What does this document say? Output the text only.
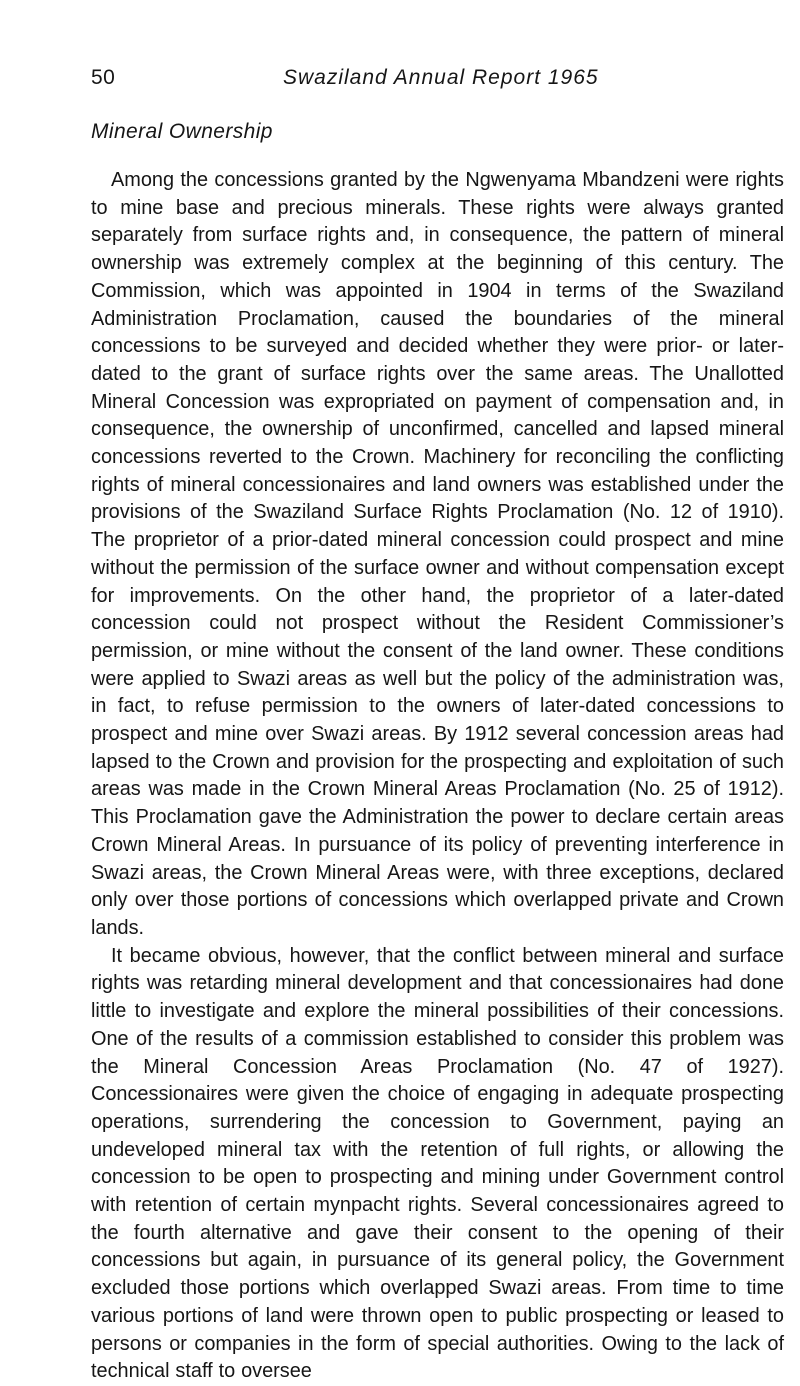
50	Swaziland Annual Report 1965
Mineral Ownership

Among the concessions granted by the Ngwenyama Mbandzeni were rights to mine base and precious minerals. These rights were always granted separately from surface rights and, in consequence, the pattern of mineral ownership was extremely complex at the beginning of this century. The Commission, which was appointed in 1904 in terms of the Swaziland Administration Proclamation, caused the boundaries of the mineral concessions to be surveyed and decided whether they were prior- or later-dated to the grant of surface rights over the same areas. The Unallotted Mineral Concession was expropriated on payment of compensation and, in consequence, the ownership of unconfirmed, cancelled and lapsed mineral concessions reverted to the Crown. Machinery for reconciling the conflicting rights of mineral concessionaires and land owners was established under the provisions of the Swaziland Surface Rights Proclamation (No. 12 of 1910). The proprietor of a prior-dated mineral concession could prospect and mine without the permission of the surface owner and without compensation except for improvements. On the other hand, the proprietor of a later-dated concession could not prospect without the Resident Commissioner’s permission, or mine without the consent of the land owner. These conditions were applied to Swazi areas as well but the policy of the administration was, in fact, to refuse permission to the owners of later-dated concessions to prospect and mine over Swazi areas. By 1912 several concession areas had lapsed to the Crown and provision for the prospecting and exploitation of such areas was made in the Crown Mineral Areas Proclamation (No. 25 of 1912). This Proclamation gave the Administration the power to declare certain areas Crown Mineral Areas. In pursuance of its policy of preventing interference in Swazi areas, the Crown Mineral Areas were, with three exceptions, declared only over those portions of concessions which overlapped private and Crown lands.

It became obvious, however, that the conflict between mineral and surface rights was retarding mineral development and that concessionaires had done little to investigate and explore the mineral possibilities of their concessions. One of the results of a commission established to consider this problem was the Mineral Concession Areas Proclamation (No. 47 of 1927). Concessionaires were given the choice of engaging in adequate prospecting operations, surrendering the concession to Government, paying an undeveloped mineral tax with the retention of full rights, or allowing the concession to be open to prospecting and mining under Government control with retention of certain mynpacht rights. Several concessionaires agreed to the fourth alternative and gave their consent to the opening of their concessions but again, in pursuance of its general policy, the Government excluded those portions which overlapped Swazi areas. From time to time various portions of land were thrown open to public prospecting or leased to persons or companies in the form of special authorities. Owing to the lack of technical staff to oversee
